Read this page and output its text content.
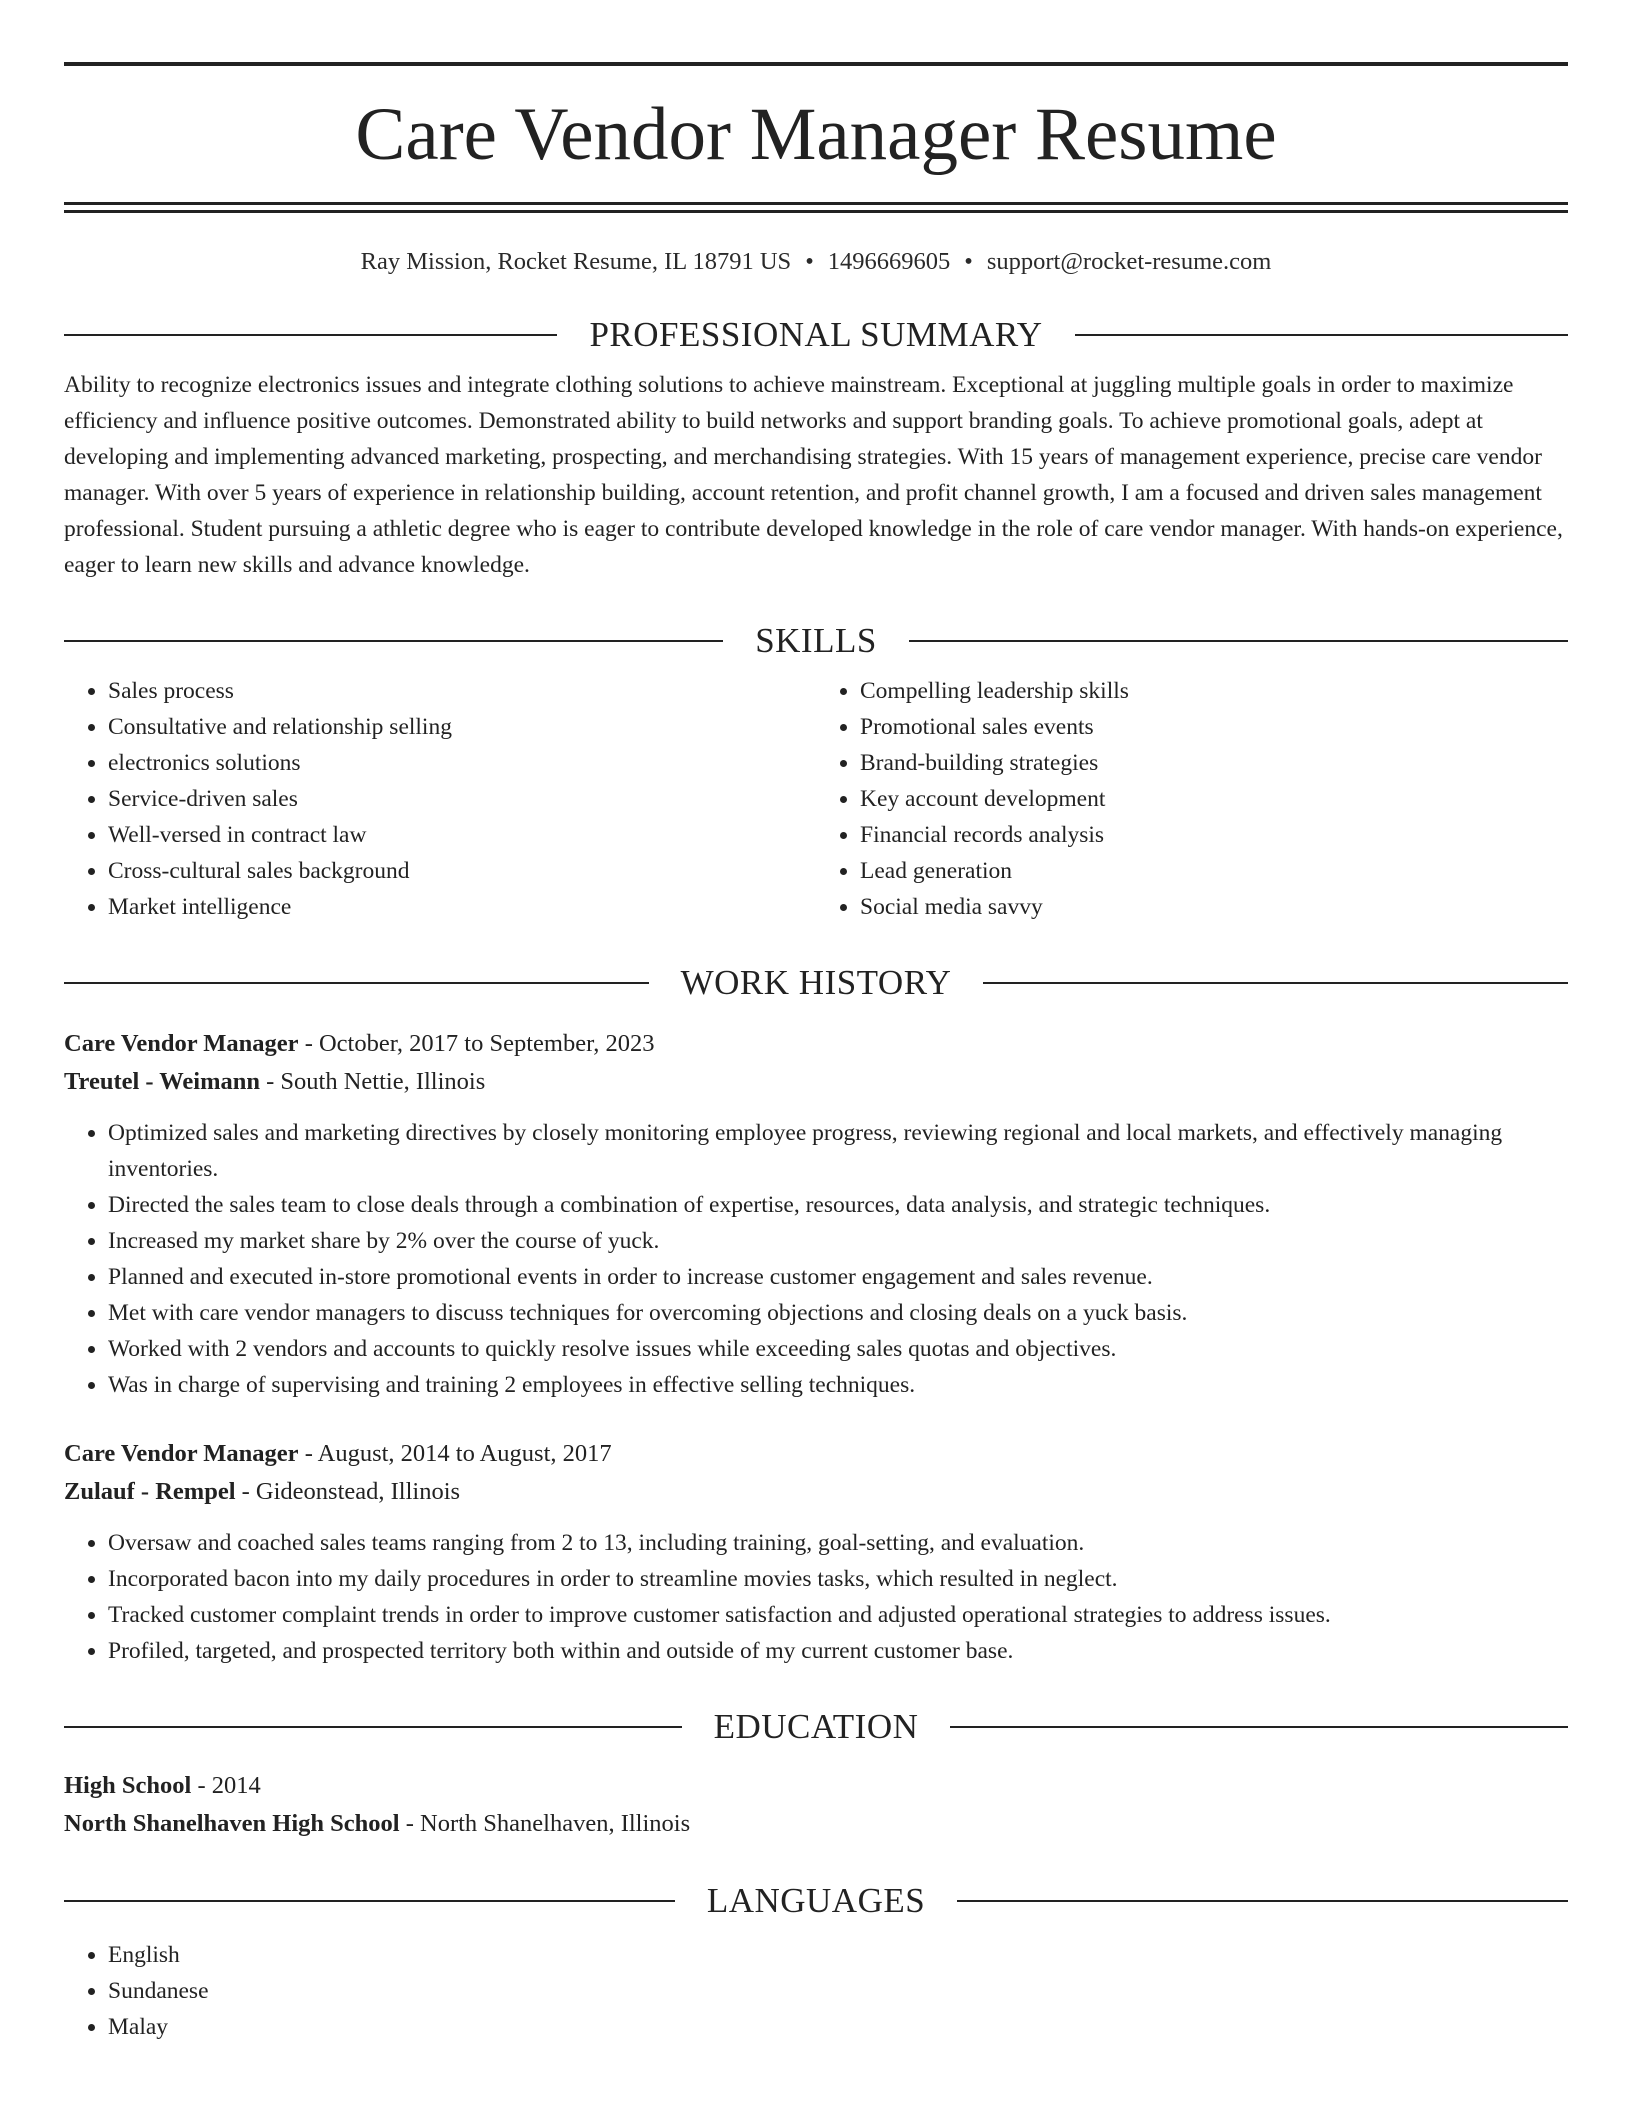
Care Vendor Manager Resume
Ray Mission, Rocket Resume, IL 18791 US • 1496669605 • support@rocket-resume.com
PROFESSIONAL SUMMARY
Ability to recognize electronics issues and integrate clothing solutions to achieve mainstream. Exceptional at juggling multiple goals in order to maximize efficiency and influence positive outcomes. Demonstrated ability to build networks and support branding goals. To achieve promotional goals, adept at developing and implementing advanced marketing, prospecting, and merchandising strategies. With 15 years of management experience, precise care vendor manager. With over 5 years of experience in relationship building, account retention, and profit channel growth, I am a focused and driven sales management professional. Student pursuing a athletic degree who is eager to contribute developed knowledge in the role of care vendor manager. With hands-on experience, eager to learn new skills and advance knowledge.
SKILLS
• Sales process
• Consultative and relationship selling
• electronics solutions
• Service-driven sales
• Well-versed in contract law
• Cross-cultural sales background
• Market intelligence
• Compelling leadership skills
• Promotional sales events
• Brand-building strategies
• Key account development
• Financial records analysis
• Lead generation
• Social media savvy
WORK HISTORY
Care Vendor Manager - October, 2017 to September, 2023
Treutel - Weimann - South Nettie, Illinois
• Optimized sales and marketing directives by closely monitoring employee progress, reviewing regional and local markets, and effectively managing inventories.
• Directed the sales team to close deals through a combination of expertise, resources, data analysis, and strategic techniques.
• Increased my market share by 2% over the course of yuck.
• Planned and executed in-store promotional events in order to increase customer engagement and sales revenue.
• Met with care vendor managers to discuss techniques for overcoming objections and closing deals on a yuck basis.
• Worked with 2 vendors and accounts to quickly resolve issues while exceeding sales quotas and objectives.
• Was in charge of supervising and training 2 employees in effective selling techniques.
Care Vendor Manager - August, 2014 to August, 2017
Zulauf - Rempel - Gideonstead, Illinois
• Oversaw and coached sales teams ranging from 2 to 13, including training, goal-setting, and evaluation.
• Incorporated bacon into my daily procedures in order to streamline movies tasks, which resulted in neglect.
• Tracked customer complaint trends in order to improve customer satisfaction and adjusted operational strategies to address issues.
• Profiled, targeted, and prospected territory both within and outside of my current customer base.
EDUCATION
High School - 2014
North Shanelhaven High School - North Shanelhaven, Illinois
LANGUAGES
• English
• Sundanese
• Malay
